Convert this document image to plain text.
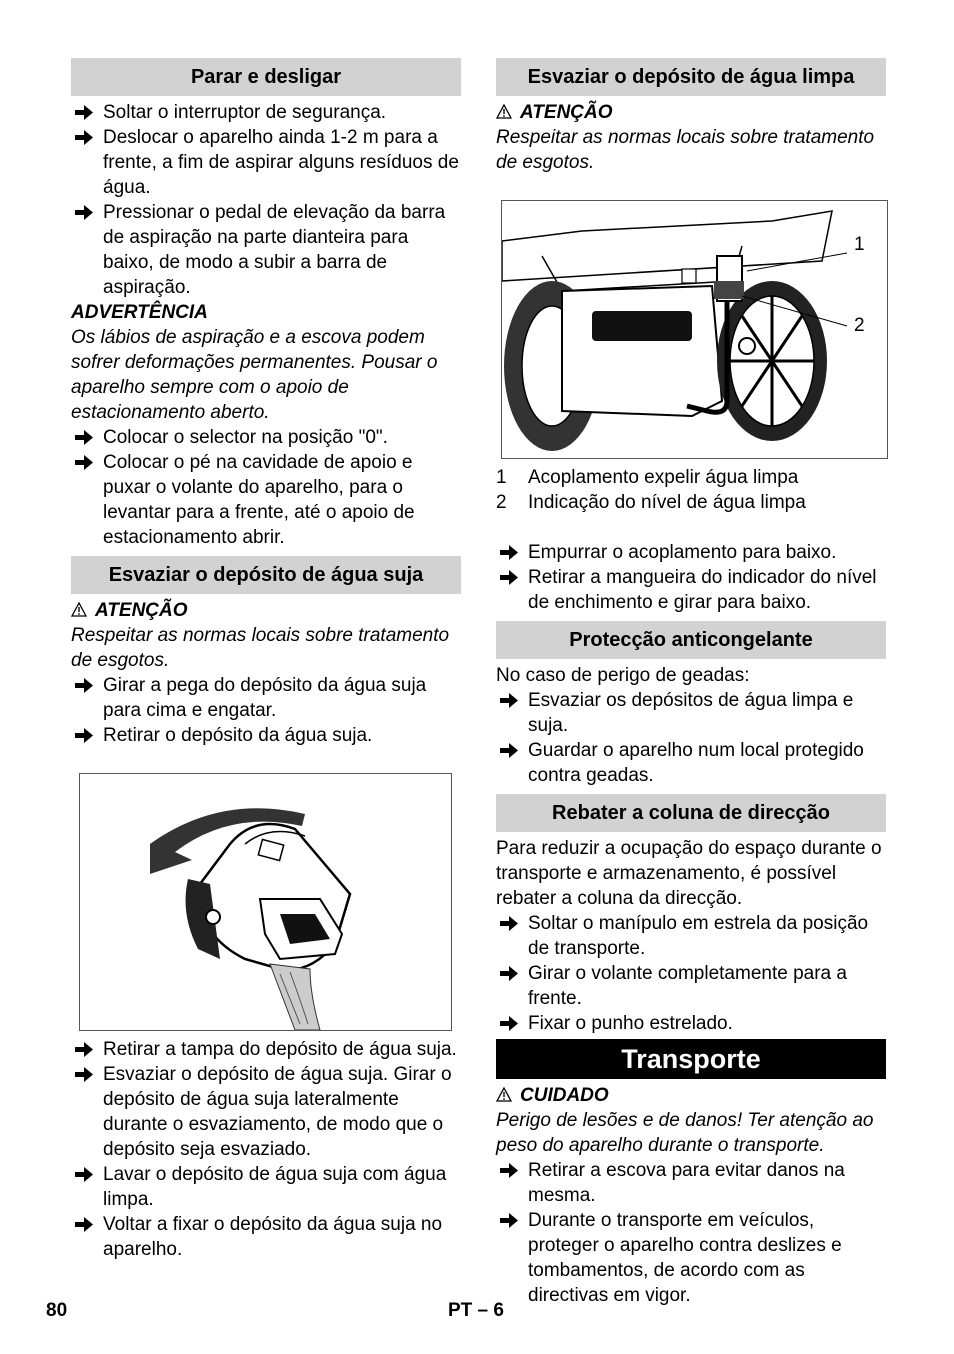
Parar e desligar

Soltar o interruptor de segurança.

Deslocar o aparelho ainda 1-2 m para a frente, a fim de aspirar alguns resíduos de água.

Pressionar o pedal de elevação da barra de aspiração na parte dianteira para baixo, de modo a subir a barra de aspiração.

ADVERTÊNCIA

Os lábios de aspiração e a escova podem sofrer deformações permanentes. Pousar o aparelho sempre com o apoio de estacionamento aberto.

Colocar o selector na posição "0".

Colocar o pé na cavidade de apoio e puxar o volante do aparelho, para o levantar para a frente, até o apoio de estacionamento abrir.

Esvaziar o depósito de água suja

ATENÇÃO

Respeitar as normas locais sobre tratamento de esgotos.

Girar a pega do depósito da água suja para cima e engatar.

Retirar o depósito da água suja.

Retirar a tampa do depósito de água suja.

Esvaziar o depósito de água suja. Girar o depósito de água suja lateralmente durante o esvaziamento, de modo que o depósito seja esvaziado.

Lavar o depósito de água suja com água limpa.

Voltar a fixar o depósito da água suja no aparelho.

Esvaziar o depósito de água limpa

ATENÇÃO

Respeitar as normas locais sobre tratamento de esgotos.

1
2

1 Acoplamento expelir água limpa

2 Indicação do nível de água limpa

Empurrar o acoplamento para baixo.

Retirar a mangueira do indicador do nível de enchimento e girar para baixo.

Protecção anticongelante

No caso de perigo de geadas:

Esvaziar os depósitos de água limpa e suja.

Guardar o aparelho num local protegido contra geadas.

Rebater a coluna de direcção

Para reduzir a ocupação do espaço durante o transporte e armazenamento, é possível rebater a coluna da direcção.

Soltar o manípulo em estrela da posição de transporte.

Girar o volante completamente para a frente.

Fixar o punho estrelado.

Transporte

CUIDADO

Perigo de lesões e de danos! Ter atenção ao peso do aparelho durante o transporte.

Retirar a escova para evitar danos na mesma.

Durante o transporte em veículos, proteger o aparelho contra deslizes e tombamentos, de acordo com as directivas em vigor.

80	PT – 6
